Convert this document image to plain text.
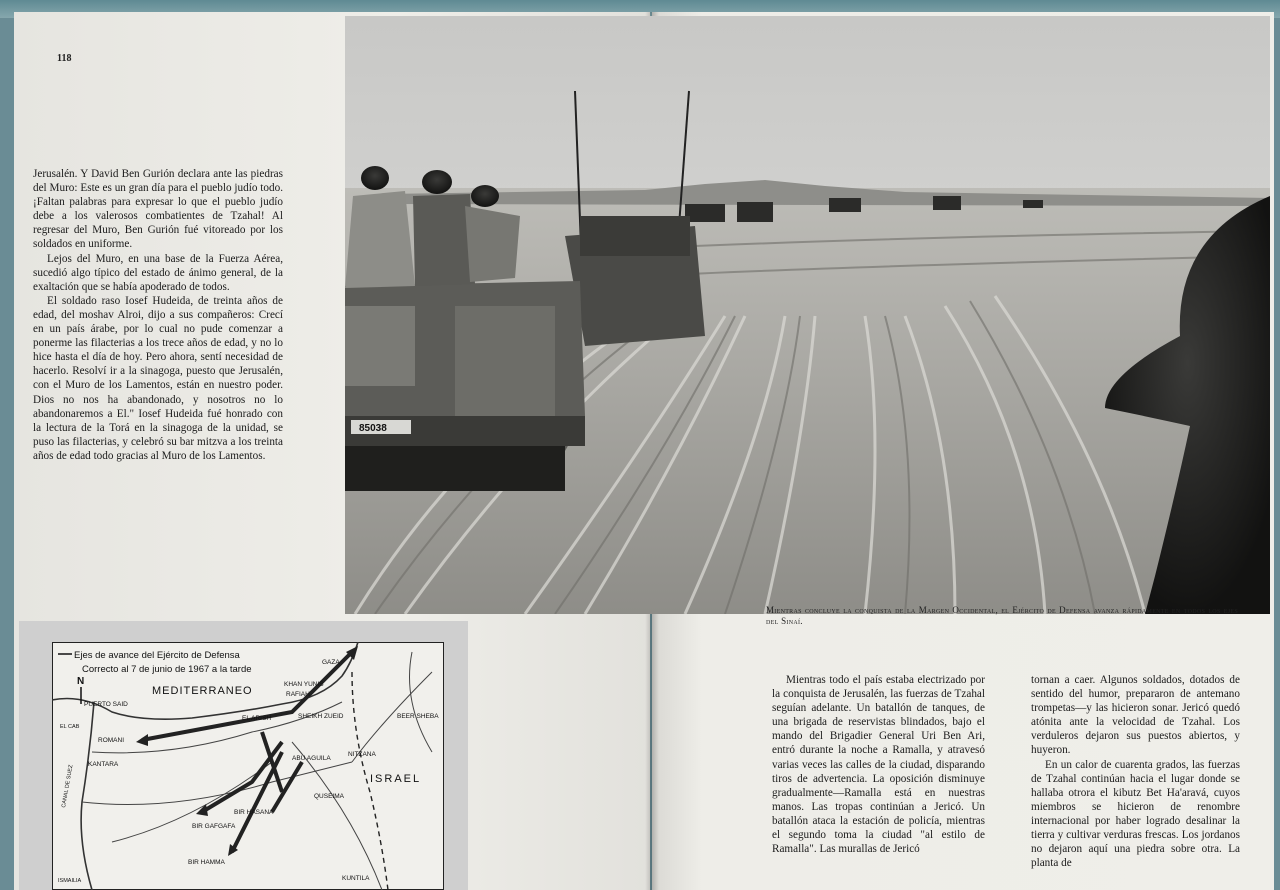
118

Jerusalén. Y David Ben Gurión declara ante las piedras del Muro: Este es un gran día para el pueblo judío todo. ¡Faltan palabras para expresar lo que el pueblo judío debe a los valerosos combatientes de Tzahal! Al regresar del Muro, Ben Gurión fué vitoreado por los soldados en uniforme.

Lejos del Muro, en una base de la Fuerza Aérea, sucedió algo típico del estado de ánimo general, de la exaltación que se había apoderado de todos.

El soldado raso Iosef Hudeida, de treinta años de edad, del moshav Alroi, dijo a sus compañeros: Crecí en un país árabe, por lo cual no pude comenzar a ponerme las filacterias a los trece años de edad, y no lo hice hasta el día de hoy. Pero ahora, sentí necesidad de hacerlo. Resolví ir a la sinagoga, puesto que Jerusalén, con el Muro de los Lamentos, están en nuestro poder. Dios no nos ha abandonado, y nosotros no lo abandonaremos a El." Iosef Hudeida fué honrado con la lectura de la Torá en la sinagoga de la unidad, se puso las filacterias, y celebró su bar mitzva a los treinta años de edad todo gracias al Muro de los Lamentos.

85038
Mientras concluye la conquista de la Margen Occidental, el Ejército de Defensa avanza rápidamente en todos los ejes del Sinaí.

Mientras todo el país estaba electrizado por la conquista de Jerusalén, las fuerzas de Tzahal seguían adelante. Un batallón de tanques, de una brigada de reservistas blindados, bajo el mando del Brigadier General Uri Ben Ari, entró durante la noche a Ramalla, y atravesó varias veces las calles de la ciudad, disparando tiros de advertencia. La oposición disminuye gradualmente—Ramalla está en nuestras manos. Las tropas continúan a Jericó. Un batallón ataca la estación de policía, mientras el segundo toma la ciudad "al estilo de Ramalla". Las murallas de Jericó

tornan a caer. Algunos soldados, dotados de sentido del humor, prepararon de antemano trompetas—y las hicieron sonar. Jericó quedó atónita ante la velocidad de Tzahal. Los verduleros dejaron sus puestos abiertos, y huyeron.

En un calor de cuarenta grados, las fuerzas de Tzahal continúan hacia el lugar donde se hallaba otrora el kibutz Bet Ha'aravá, cuyos miembros se hicieron de renombre internacional por haber logrado desalinar la tierra y cultivar verduras frescas. Los jordanos no dejaron aquí una piedra sobre otra. La planta de

Ejes de avance del Ejército de Defensa
Correcto al 7 de junio de 1967 a la tarde
N
MEDITERRANEO
ISRAEL
PUERTO SAID
ROMANI
KANTARA
EL ARISH
KHAN YUNIS
RAFIAH
GAZA
SHEIKH ZUEID	BEER SHEBA
ABU AGUILA
NITZANA
QUSEIMA
BIR HASANA
BIR GAFGAFA
BIR HAMMA
KUNTILA
CANAL DE SUEZ
EL CAB
ISMAILIA
